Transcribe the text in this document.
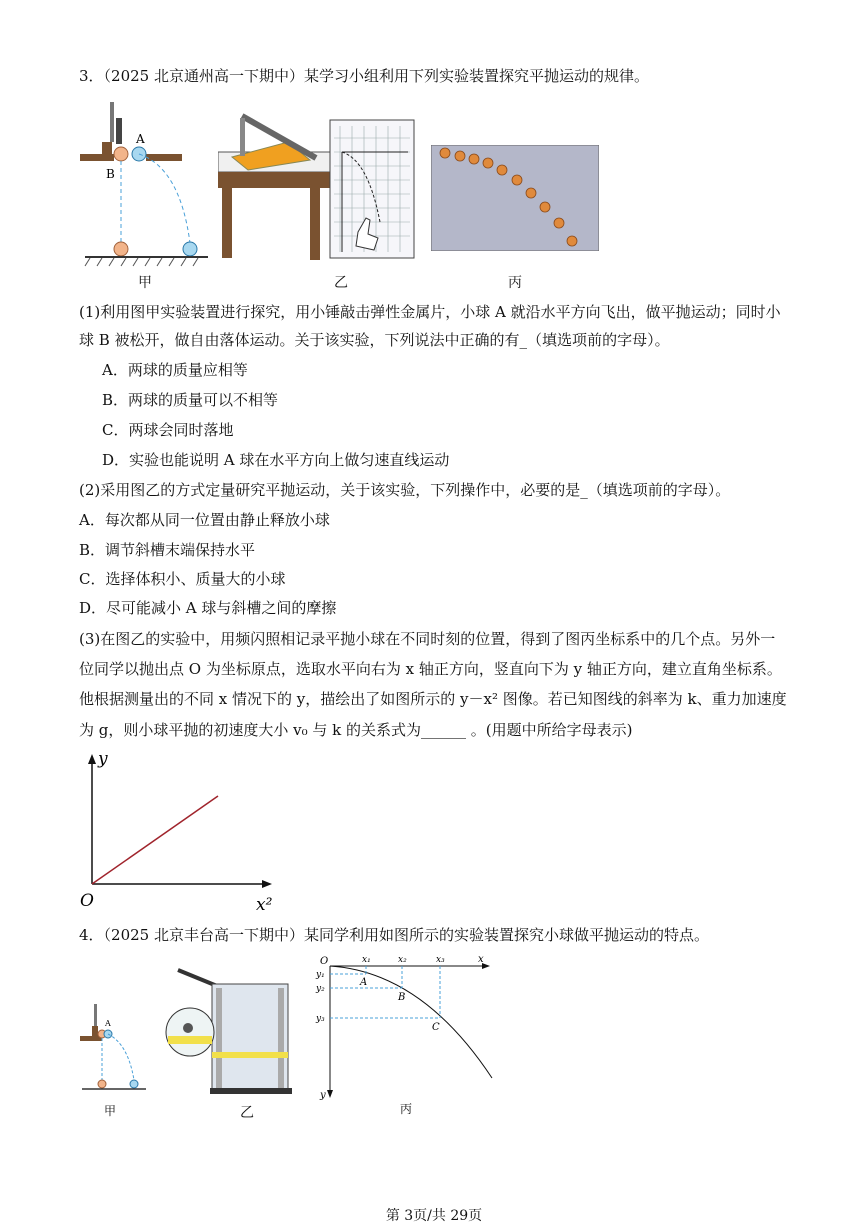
3．（2025 北京通州高一下期中）某学习小组利用下列实验装置探究平抛运动的规律。
A
B
甲	乙	丙
(1)利用图甲实验装置进行探究，用小锤敲击弹性金属片，小球 A 就沿水平方向飞出，做平抛运动；同时小
球 B 被松开，做自由落体运动。关于该实验，下列说法中正确的有_（填选项前的字母）。
A．两球的质量应相等
B．两球的质量可以不相等
C．两球会同时落地
D．实验也能说明 A 球在水平方向上做匀速直线运动
(2)采用图乙的方式定量研究平抛运动，关于该实验，下列操作中，必要的是_（填选项前的字母）。
A．每次都从同一位置由静止释放小球
B．调节斜槽末端保持水平
C．选择体积小、质量大的小球
D．尽可能减小 A 球与斜槽之间的摩擦
(3)在图乙的实验中，用频闪照相记录平抛小球在不同时刻的位置，得到了图丙坐标系中的几个点。另外一
位同学以抛出点 O 为坐标原点，选取水平向右为 x 轴正方向，竖直向下为 y 轴正方向，建立直角坐标系。
他根据测量出的不同 x 情况下的 y，描绘出了如图所示的 y－x² 图像。若已知图线的斜率为 k、重力加速度
为 g，则小球平抛的初速度大小 v₀ 与 k 的关系式为______ 。(用题中所给字母表示)
y
x²
O
4．（2025 北京丰台高一下期中）某同学利用如图所示的实验装置探究小球做平抛运动的特点。
A
甲	乙
O	x
y
x₁	x₂	x₃
y₁
y₂
y₃
A
B
C
丙
第 3页/共 29页
